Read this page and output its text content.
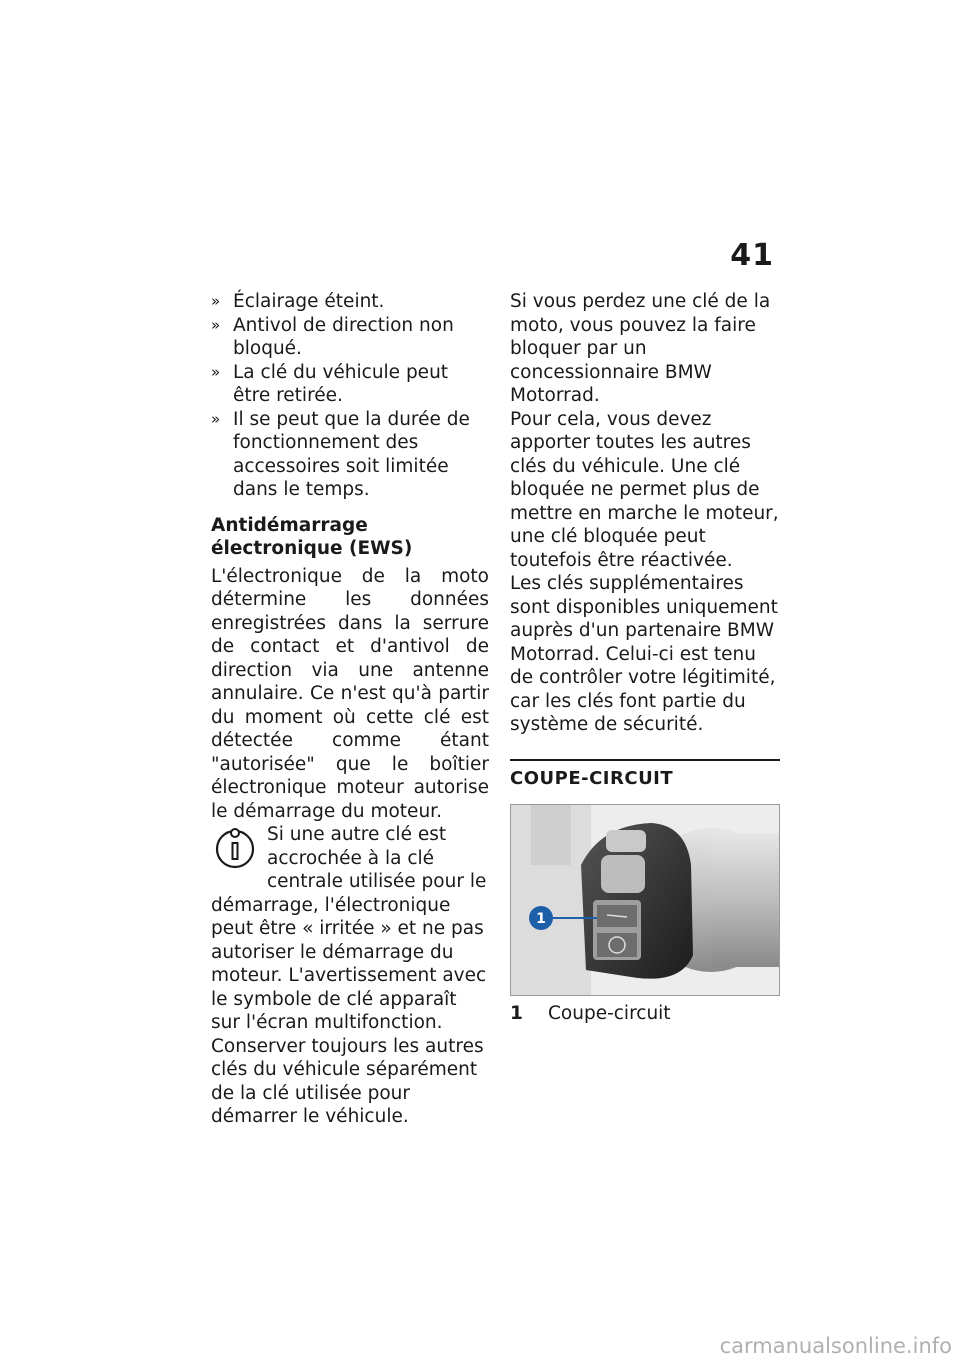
41
» Éclairage éteint.
» Antivol de direction non bloqué.
» La clé du véhicule peut être retirée.
» Il se peut que la durée de fonctionnement des accessoires soit limitée dans le temps.

Antidémarrage électronique (EWS)

L'électronique de la moto détermine les données enregistrées dans la serrure de contact et d'antivol de direction via une antenne annulaire. Ce n'est qu'à partir du moment où cette clé est détectée comme étant "autorisée" que le boîtier électronique moteur autorise le démarrage du moteur.

Si une autre clé est accrochée à la clé centrale utilisée pour le démarrage, l'électronique peut être « irritée » et ne pas autoriser le démarrage du moteur. L'avertissement avec le symbole de clé apparaît sur l'écran multifonction.

Conserver toujours les autres clés du véhicule séparément de la clé utilisée pour démarrer le véhicule.

Si vous perdez une clé de la moto, vous pouvez la faire bloquer par un concessionnaire BMW Motorrad.

Pour cela, vous devez apporter toutes les autres clés du véhicule. Une clé bloquée ne permet plus de mettre en marche le moteur, une clé bloquée peut toutefois être réactivée.

Les clés supplémentaires sont disponibles uniquement auprès d'un partenaire BMW Motorrad. Celui-ci est tenu de contrôler votre légitimité, car les clés font partie du système de sécurité.

COUPE-CIRCUIT
1
1	Coupe-circuit
carmanualsonline.info
